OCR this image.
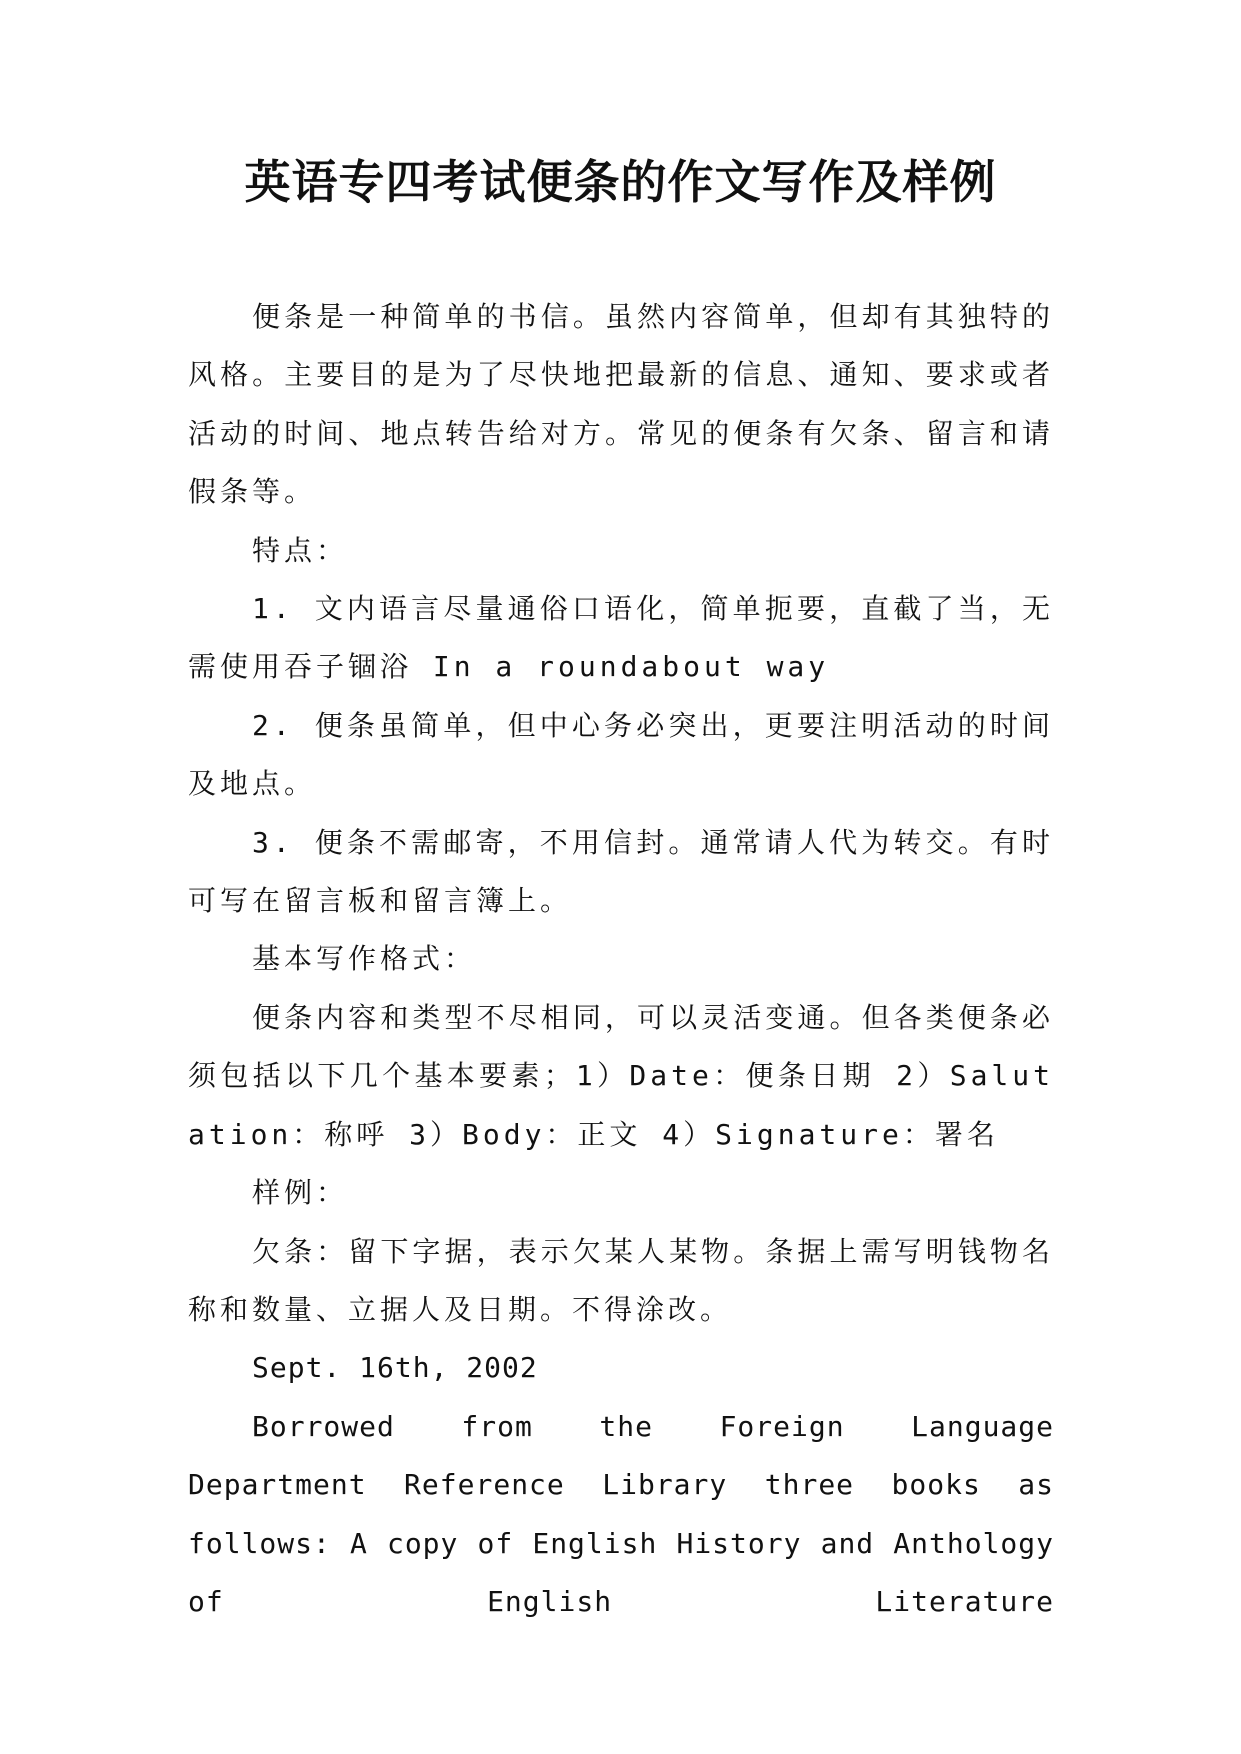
英语专四考试便条的作文写作及样例

便条是一种简单的书信。虽然内容简单，但却有其独特的风格。主要目的是为了尽快地把最新的信息、通知、要求或者活动的时间、地点转告给对方。常见的便条有欠条、留言和请假条等。

特点：

1. 文内语言尽量通俗口语化，简单扼要，直截了当，无需使用吞子锢浴 In a roundabout way

2. 便条虽简单，但中心务必突出，更要注明活动的时间及地点。

3. 便条不需邮寄，不用信封。通常请人代为转交。有时可写在留言板和留言簿上。

基本写作格式：

便条内容和类型不尽相同，可以灵活变通。但各类便条必须包括以下几个基本要素；1）Date：便条日期 2）Salutation：称呼 3）Body：正文 4）Signature：署名

样例：

欠条：留下字据，表示欠某人某物。条据上需写明钱物名称和数量、立据人及日期。不得涂改。

Sept. 16th, 2002

Borrowed from the Foreign Language Department Reference Library three books as follows: A copy of English History and Anthology of English Literature
